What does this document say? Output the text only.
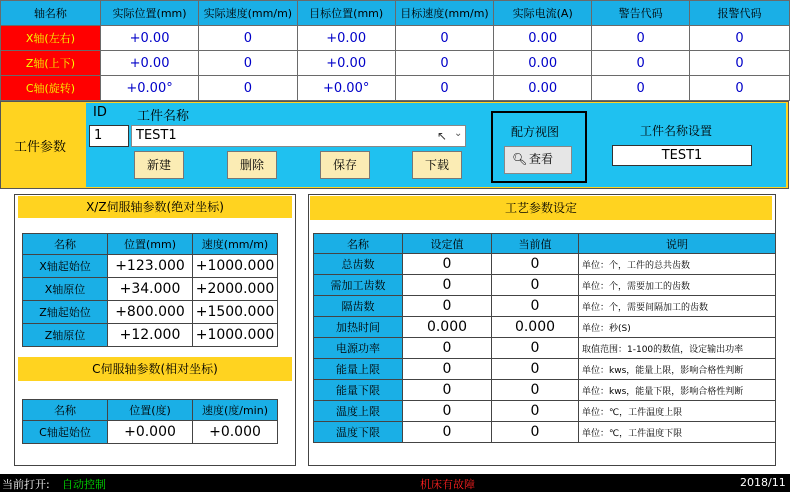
轴名称	实际位置(mm)	实际速度(mm/m)	目标位置(mm)	目标速度(mm/m)	实际电流(A)	警告代码	报警代码
X轴(左右)	+0.00	0	+0.00	0	0.00	0	0
Z轴(上下)	+0.00	0	+0.00	0	0.00	0	0
C轴(旋转)	+0.00°	0	+0.00°	0	0.00	0	0
工件参数
ID 工件名称
1	TEST1	↖ ⌄
新建	删除	保存	下载
配方视图
🔍︎ 查看
工件名称设置
TEST1
X/Z伺服轴参数(绝对坐标)
名称	位置(mm)	速度(mm/m)
X轴起始位	+123.000	+1000.000
X轴原位	+34.000	+2000.000
Z轴起始位	+800.000	+1500.000
Z轴原位	+12.000	+1000.000
C伺服轴参数(相对坐标)
名称	位置(度)	速度(度/min)
C轴起始位	+0.000	+0.000
工艺参数设定
名称	设定值	当前值	说明
总齿数	0	0	单位：个，工件的总共齿数
需加工齿数	0	0	单位：个，需要加工的齿数
隔齿数	0	0	单位：个，需要间隔加工的齿数
加热时间	0.000	0.000	单位：秒(S)
电源功率	0	0	取值范围：1-100的数值，设定输出功率
能量上限	0	0	单位：kws，能量上限，影响合格性判断
能量下限	0	0	单位：kws，能量下限，影响合格性判断
温度上限	0	0	单位：℃，工件温度上限
温度下限	0	0	单位：℃，工件温度下限
当前打开: 自动控制	机床有故障	2018/11
